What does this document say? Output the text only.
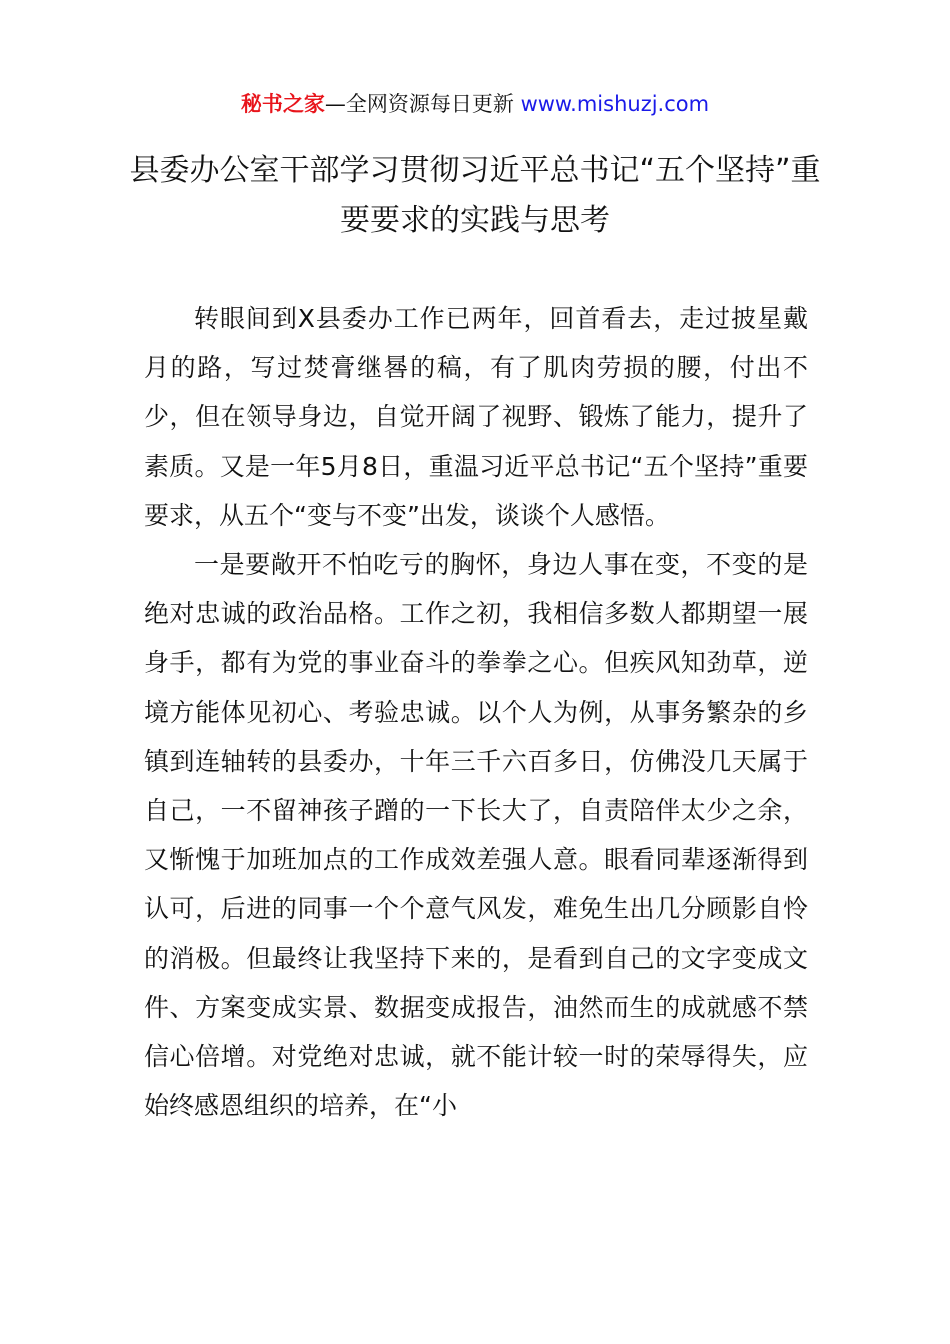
秘书之家—全网资源每日更新 www.mishuzj.com
县委办公室干部学习贯彻习近平总书记“五个坚持”重要要求的实践与思考

转眼间到X县委办工作已两年，回首看去，走过披星戴月的路，写过焚膏继晷的稿，有了肌肉劳损的腰，付出不少，但在领导身边，自觉开阔了视野、锻炼了能力，提升了素质。又是一年5月8日，重温习近平总书记“五个坚持”重要要求，从五个“变与不变”出发，谈谈个人感悟。

一是要敞开不怕吃亏的胸怀，身边人事在变，不变的是绝对忠诚的政治品格。工作之初，我相信多数人都期望一展身手，都有为党的事业奋斗的拳拳之心。但疾风知劲草，逆境方能体见初心、考验忠诚。以个人为例，从事务繁杂的乡镇到连轴转的县委办，十年三千六百多日，仿佛没几天属于自己，一不留神孩子蹭的一下长大了，自责陪伴太少之余，又惭愧于加班加点的工作成效差强人意。眼看同辈逐渐得到认可，后进的同事一个个意气风发，难免生出几分顾影自怜的消极。但最终让我坚持下来的，是看到自己的文字变成文件、方案变成实景、数据变成报告，油然而生的成就感不禁信心倍增。对党绝对忠诚，就不能计较一时的荣辱得失，应始终感恩组织的培养，在“小
